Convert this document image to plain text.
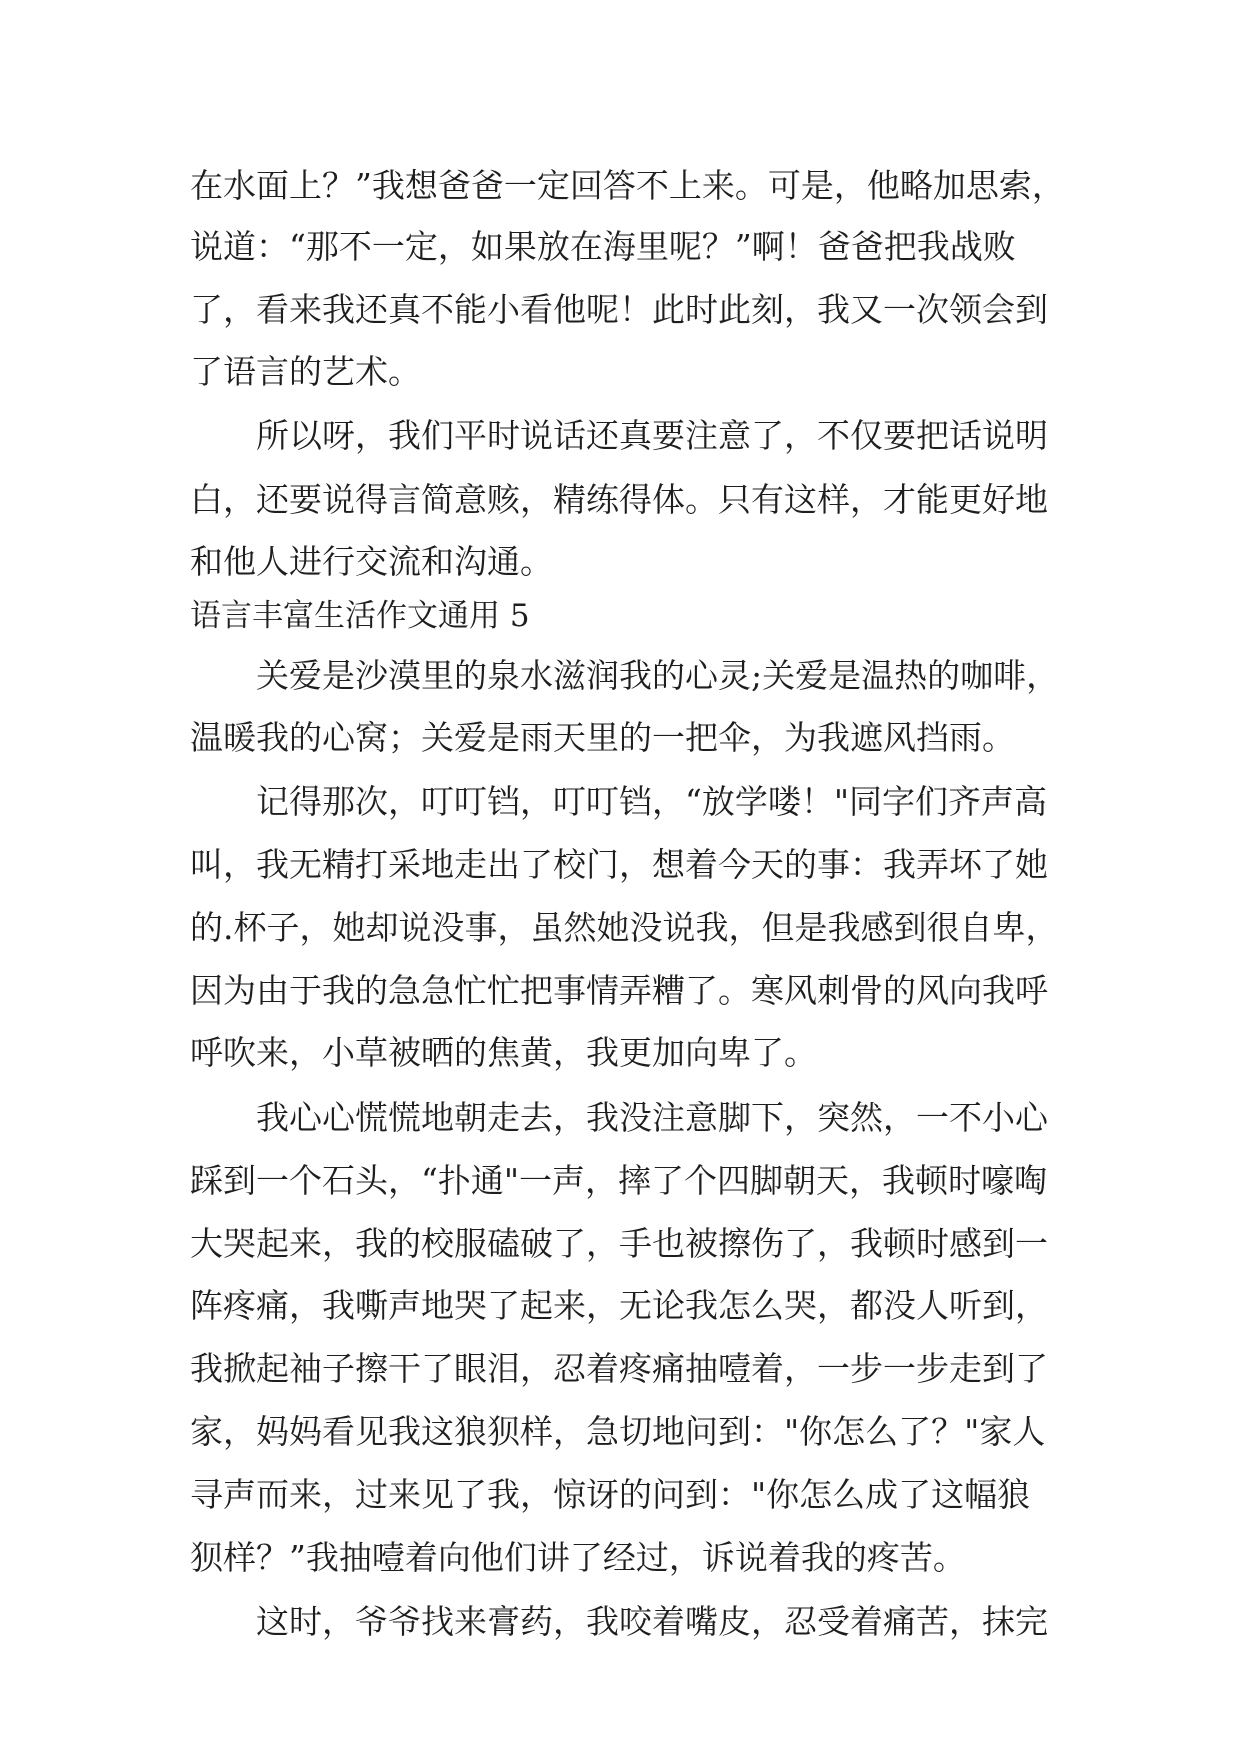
在水面上？”我想爸爸一定回答不上来。可是，他略加思索，
说道：“那不一定，如果放在海里呢？”啊！爸爸把我战败
了，看来我还真不能小看他呢！此时此刻，我又一次领会到
了语言的艺术。
所以呀，我们平时说话还真要注意了，不仅要把话说明
白，还要说得言简意赅，精练得体。只有这样，才能更好地
和他人进行交流和沟通。
语言丰富生活作文通用 5
关爱是沙漠里的泉水滋润我的心灵;关爱是温热的咖啡，
温暖我的心窝；关爱是雨天里的一把伞，为我遮风挡雨。
记得那次，叮叮铛，叮叮铛，“放学喽！"同字们齐声高
叫，我无精打采地走出了校门，想着今天的事：我弄坏了她
的.杯子，她却说没事，虽然她没说我，但是我感到很自卑，
因为由于我的急急忙忙把事情弄糟了。寒风刺骨的风向我呼
呼吹来，小草被晒的焦黄，我更加向卑了。
我心心慌慌地朝走去，我没注意脚下，突然，一不小心
踩到一个石头，“扑通"一声，摔了个四脚朝天，我顿时嚎啕
大哭起来，我的校服磕破了，手也被擦伤了，我顿时感到一
阵疼痛，我嘶声地哭了起来，无论我怎么哭，都没人听到，
我掀起袖子擦干了眼泪，忍着疼痛抽噎着，一步一步走到了
家，妈妈看见我这狼狈样，急切地问到："你怎么了？"家人
寻声而来，过来见了我，惊讶的问到："你怎么成了这幅狼
狈样？”我抽噎着向他们讲了经过，诉说着我的疼苦。
这时，爷爷找来膏药，我咬着嘴皮，忍受着痛苦，抹完
